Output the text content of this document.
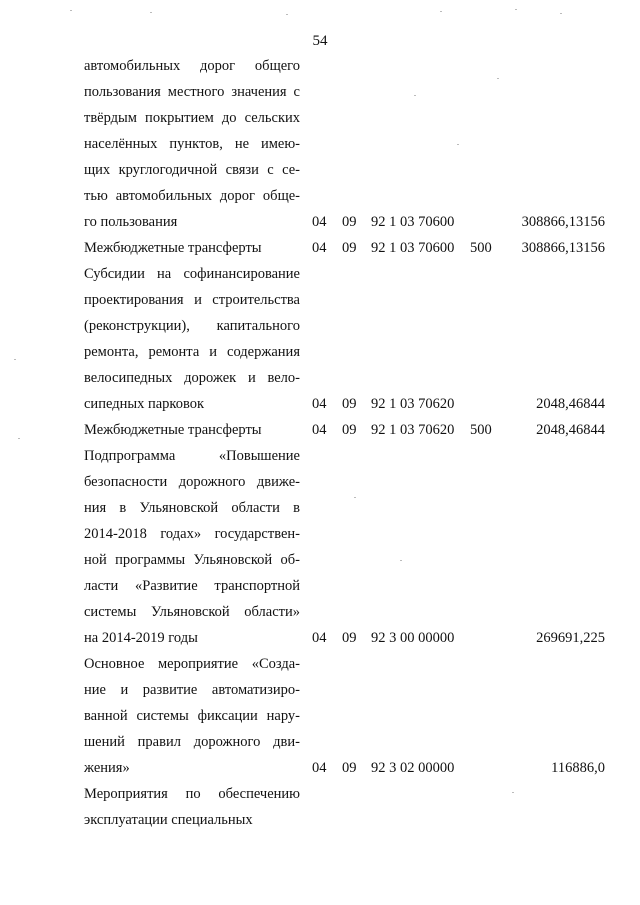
54
автомобильных дорог общего
пользования местного значения с
твёрдым покрытием до сельских
населённых пунктов, не имею-
щих круглогодичной связи с се-
тью автомобильных дорог обще-
го пользования	04 09 92 1 03 70600	308866,13156
Межбюджетные трансферты	04 09 92 1 03 70600 500 308866,13156
Субсидии на софинансирование
проектирования и строительства
(реконструкции), капитального
ремонта, ремонта и содержания
велосипедных дорожек и вело-
сипедных парковок	04 09 92 1 03 70620	2048,46844
Межбюджетные трансферты	04 09 92 1 03 70620 500	2048,46844
Подпрограмма «Повышение
безопасности дорожного движе-
ния в Ульяновской области в
2014-2018 годах» государствен-
ной программы Ульяновской об-
ласти «Развитие транспортной
системы Ульяновской области»
на 2014-2019 годы	04 09 92 3 00 00000	269691,225
Основное мероприятие «Созда-
ние и развитие автоматизиро-
ванной системы фиксации нару-
шений правил дорожного дви-
жения»	04 09 92 3 02 00000	116886,0
Мероприятия по обеспечению
эксплуатации специальных
